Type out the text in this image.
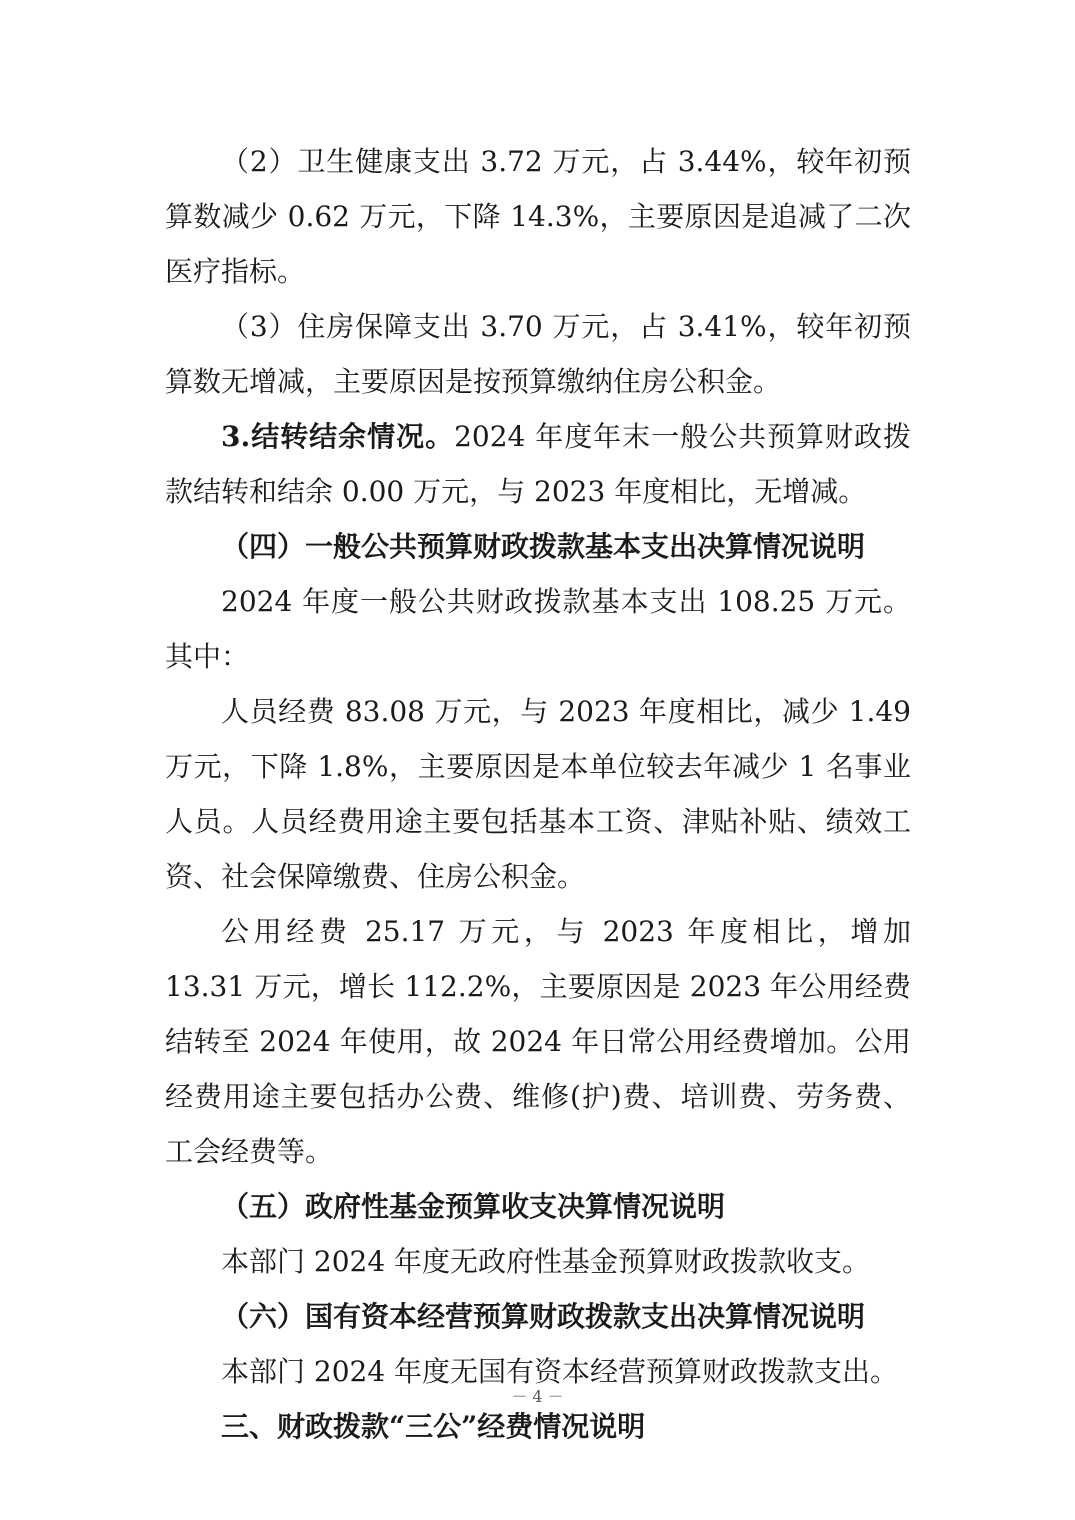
（2）卫生健康支出 3.72 万元，占 3.44%，较年初预算数减少 0.62 万元，下降 14.3%，主要原因是追减了二次医疗指标。

（3）住房保障支出 3.70 万元，占 3.41%，较年初预算数无增减，主要原因是按预算缴纳住房公积金。

3.结转结余情况。2024 年度年末一般公共预算财政拨款结转和结余 0.00 万元，与 2023 年度相比，无增减。

（四）一般公共预算财政拨款基本支出决算情况说明

2024 年度一般公共财政拨款基本支出 108.25 万元。其中：

人员经费 83.08 万元，与 2023 年度相比，减少 1.49 万元，下降 1.8%，主要原因是本单位较去年减少 1 名事业人员。人员经费用途主要包括基本工资、津贴补贴、绩效工资、社会保障缴费、住房公积金。

公用经费 25.17 万元，与 2023 年度相比，增加 13.31 万元，增长 112.2%，主要原因是 2023 年公用经费结转至 2024 年使用，故 2024 年日常公用经费增加。公用经费用途主要包括办公费、维修(护)费、培训费、劳务费、工会经费等。

（五）政府性基金预算收支决算情况说明

本部门 2024 年度无政府性基金预算财政拨款收支。

（六）国有资本经营预算财政拨款支出决算情况说明

本部门 2024 年度无国有资本经营预算财政拨款支出。

三、财政拨款“三公”经费情况说明

－ 4 －
